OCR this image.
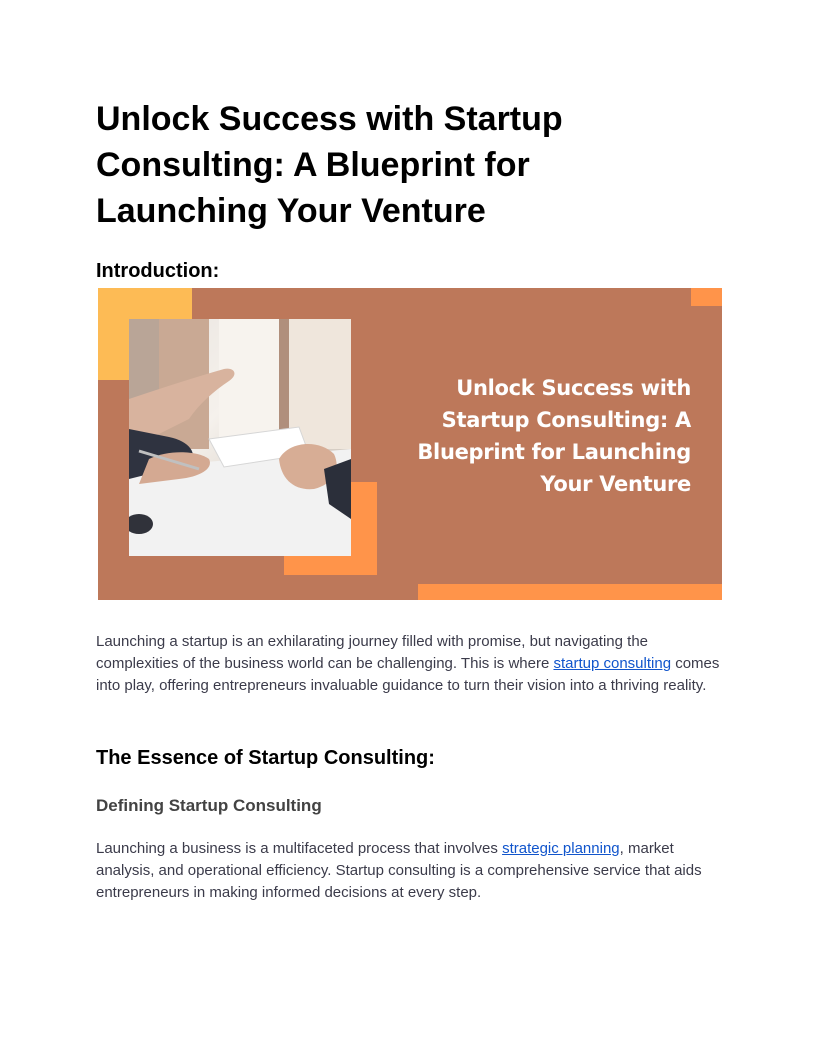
Unlock Success with Startup Consulting: A Blueprint for Launching Your Venture
Introduction:
Unlock Success with Startup Consulting: A Blueprint for Launching Your Venture

Launching a startup is an exhilarating journey filled with promise, but navigating the complexities of the business world can be challenging. This is where startup consulting comes into play, offering entrepreneurs invaluable guidance to turn their vision into a thriving reality.

The Essence of Startup Consulting:
Defining Startup Consulting

Launching a business is a multifaceted process that involves strategic planning, market analysis, and operational efficiency. Startup consulting is a comprehensive service that aids entrepreneurs in making informed decisions at every step.
